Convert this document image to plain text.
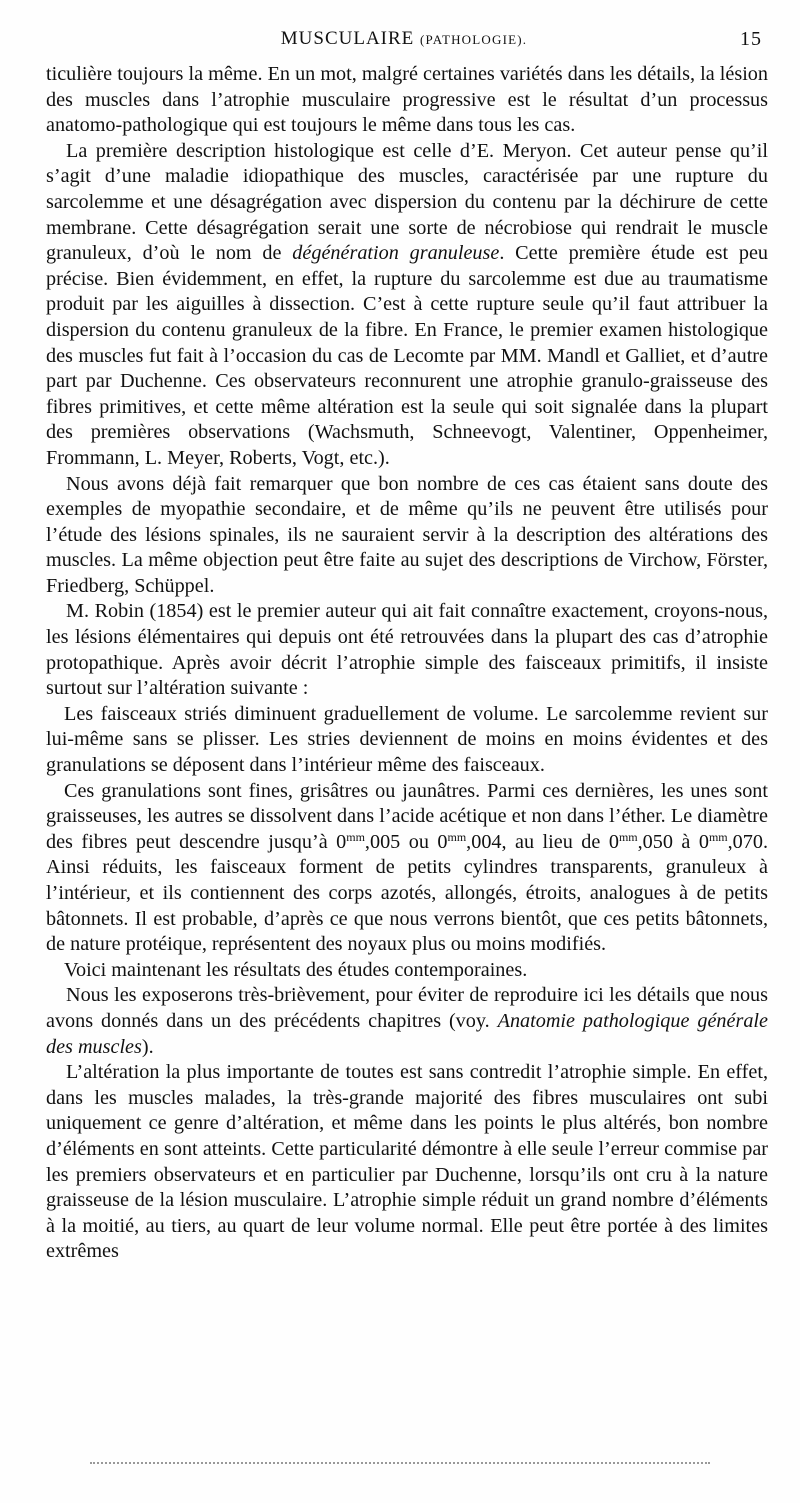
MUSCULAIRE (PATHOLOGIE).	15

ticulière toujours la même. En un mot, malgré certaines variétés dans les détails, la lésion des muscles dans l’atrophie musculaire progressive est le résultat d’un processus anatomo-pathologique qui est toujours le même dans tous les cas.

La première description histologique est celle d’E. Meryon. Cet auteur pense qu’il s’agit d’une maladie idiopathique des muscles, caractérisée par une rupture du sarcolemme et une désagrégation avec dispersion du contenu par la déchirure de cette membrane. Cette désagrégation serait une sorte de nécrobiose qui rendrait le muscle granuleux, d’où le nom de dégénération granuleuse. Cette première étude est peu précise. Bien évidemment, en effet, la rupture du sarcolemme est due au traumatisme produit par les aiguilles à dissection. C’est à cette rupture seule qu’il faut attribuer la dispersion du contenu granuleux de la fibre. En France, le premier examen histologique des muscles fut fait à l’occasion du cas de Lecomte par MM. Mandl et Galliet, et d’autre part par Duchenne. Ces observateurs reconnurent une atrophie granulo-graisseuse des fibres primitives, et cette même altération est la seule qui soit signalée dans la plupart des premières observations (Wachsmuth, Schneevogt, Valentiner, Oppenheimer, Frommann, L. Meyer, Roberts, Vogt, etc.).

Nous avons déjà fait remarquer que bon nombre de ces cas étaient sans doute des exemples de myopathie secondaire, et de même qu’ils ne peuvent être utilisés pour l’étude des lésions spinales, ils ne sauraient servir à la description des altérations des muscles. La même objection peut être faite au sujet des descriptions de Virchow, Förster, Friedberg, Schüppel.

M. Robin (1854) est le premier auteur qui ait fait connaître exactement, croyons-nous, les lésions élémentaires qui depuis ont été retrouvées dans la plupart des cas d’atrophie protopathique. Après avoir décrit l’atrophie simple des faisceaux primitifs, il insiste surtout sur l’altération suivante :

Les faisceaux striés diminuent graduellement de volume. Le sarcolemme revient sur lui-même sans se plisser. Les stries deviennent de moins en moins évidentes et des granulations se déposent dans l’intérieur même des faisceaux.

Ces granulations sont fines, grisâtres ou jaunâtres. Parmi ces dernières, les unes sont graisseuses, les autres se dissolvent dans l’acide acétique et non dans l’éther. Le diamètre des fibres peut descendre jusqu’à $0^{mm},005$ ou $0^{mm},004$, au lieu de $0^{mm},050$ à $0^{mm},070$. Ainsi réduits, les faisceaux forment de petits cylindres transparents, granuleux à l’intérieur, et ils contiennent des corps azotés, allongés, étroits, analogues à de petits bâtonnets. Il est probable, d’après ce que nous verrons bientôt, que ces petits bâtonnets, de nature protéique, représentent des noyaux plus ou moins modifiés.

Voici maintenant les résultats des études contemporaines.

Nous les exposerons très-brièvement, pour éviter de reproduire ici les détails que nous avons donnés dans un des précédents chapitres (voy. Anatomie pathologique générale des muscles).

L’altération la plus importante de toutes est sans contredit l’atrophie simple. En effet, dans les muscles malades, la très-grande majorité des fibres musculaires ont subi uniquement ce genre d’altération, et même dans les points le plus altérés, bon nombre d’éléments en sont atteints. Cette particularité démontre à elle seule l’erreur commise par les premiers observateurs et en particulier par Duchenne, lorsqu’ils ont cru à la nature graisseuse de la lésion musculaire. L’atrophie simple réduit un grand nombre d’éléments à la moitié, au tiers, au quart de leur volume normal. Elle peut être portée à des limites extrêmes
